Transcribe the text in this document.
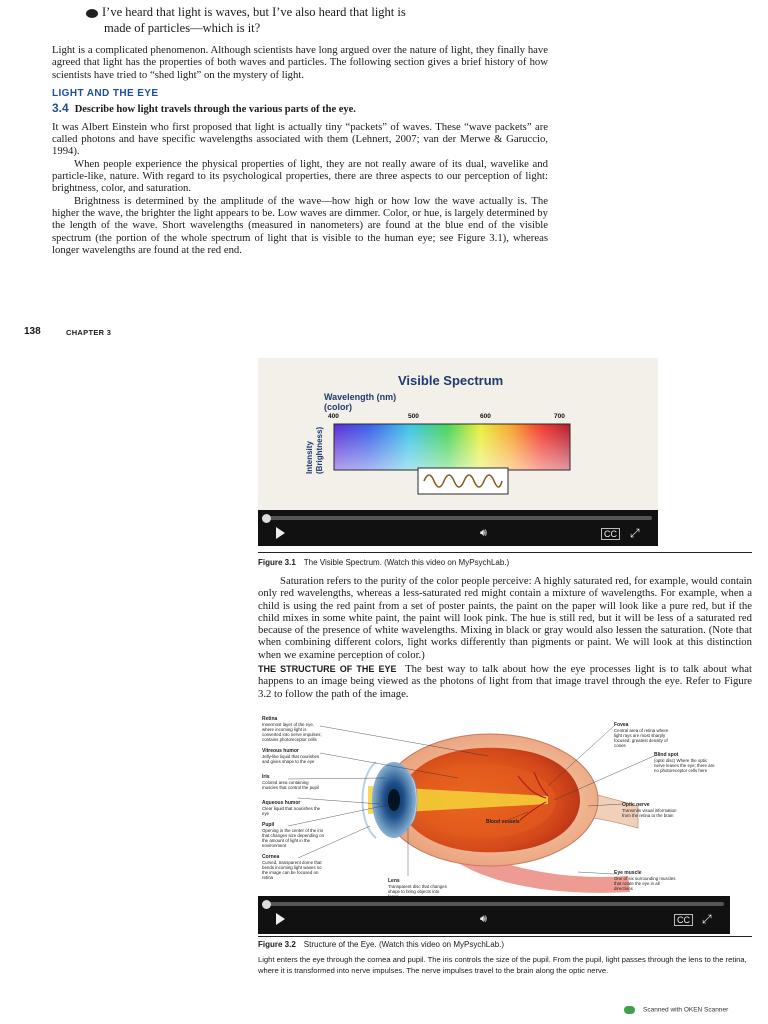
I’ve heard that light is waves, but I’ve also heard that light is
made of particles—which is it?

Light is a complicated phenomenon. Although scientists have long argued over the nature of light, they finally have agreed that light has the properties of both waves and particles. The following section gives a brief history of how scientists have tried to “shed light” on the mystery of light.

LIGHT AND THE EYE
3.4 Describe how light travels through the various parts of the eye.

It was Albert Einstein who first proposed that light is actually tiny “packets” of waves. These “wave packets” are called photons and have specific wavelengths associated with them (Lehnert, 2007; van der Merwe & Garuccio, 1994).

When people experience the physical properties of light, they are not really aware of its dual, wavelike and particle-like, nature. With regard to its psychological properties, there are three aspects to our perception of light: brightness, color, and saturation.

Brightness is determined by the amplitude of the wave—how high or how low the wave actually is. The higher the wave, the brighter the light appears to be. Low waves are dimmer. Color, or hue, is largely determined by the length of the wave. Short wavelengths (measured in nanometers) are found at the blue end of the visible spectrum (the portion of the whole spectrum of light that is visible to the human eye; see Figure 3.1), whereas longer wavelengths are found at the red end.

138	CHAPTER 3
Visible Spectrum
Wavelength (nm)
(color)
400	500	600	700
Intensity (Brightness)
🔊︎	CC ⤢
Figure 3.1 The Visible Spectrum. (Watch this video on MyPsychLab.)

Saturation refers to the purity of the color people perceive: A highly saturated red, for example, would contain only red wavelengths, whereas a less-saturated red might contain a mixture of wavelengths. For example, when a child is using the red paint from a set of poster paints, the paint on the paper will look like a pure red, but if the child mixes in some white paint, the paint will look pink. The hue is still red, but it will be less of a saturated red because of the presence of white wavelengths. Mixing in black or gray would also lessen the saturation. (Note that when combining different colors, light works differently than pigments or paint. We will look at this distinction when we examine perception of color.)

THE STRUCTURE OF THE EYE The best way to talk about how the eye processes light is to talk about what happens to an image being viewed as the photons of light from that image travel through the eye. Refer to Figure 3.2 to follow the path of the image.

Retina
Innermost layer of the eye, where incoming light is converted into nerve impulses; contains photoreceptor cells
Vitreous humor
Jelly-like liquid that nourishes and gives shape to the eye
Iris
Colored area containing muscles that control the pupil
Aqueous humor
Clear liquid that nourishes the eye
Pupil
Opening in the center of the iris that changes size depending on the amount of light in the environment
Cornea
Curved, transparent dome that bends incoming light waves so the image can be focused on retina
Lens
Transparent disc that changes shape to bring objects into
Fovea
Central area of retina where light rays are most sharply focused; greatest density of cones
Blind spot
(optic disc) Where the optic nerve leaves the eye; there are no photoreceptor cells here
Optic nerve
Transmits visual information from the retina to the brain
Blood vessels
Eye muscle
One of six surrounding muscles that rotate the eye in all directions
🔊︎	CC ⤢
Figure 3.2 Structure of the Eye. (Watch this video on MyPsychLab.)
Light enters the eye through the cornea and pupil. The iris controls the size of the pupil. From the pupil, light passes through the lens to the retina, where it is transformed into nerve impulses. The nerve impulses travel to the brain along the optic nerve.
Scanned with OKEN Scanner
